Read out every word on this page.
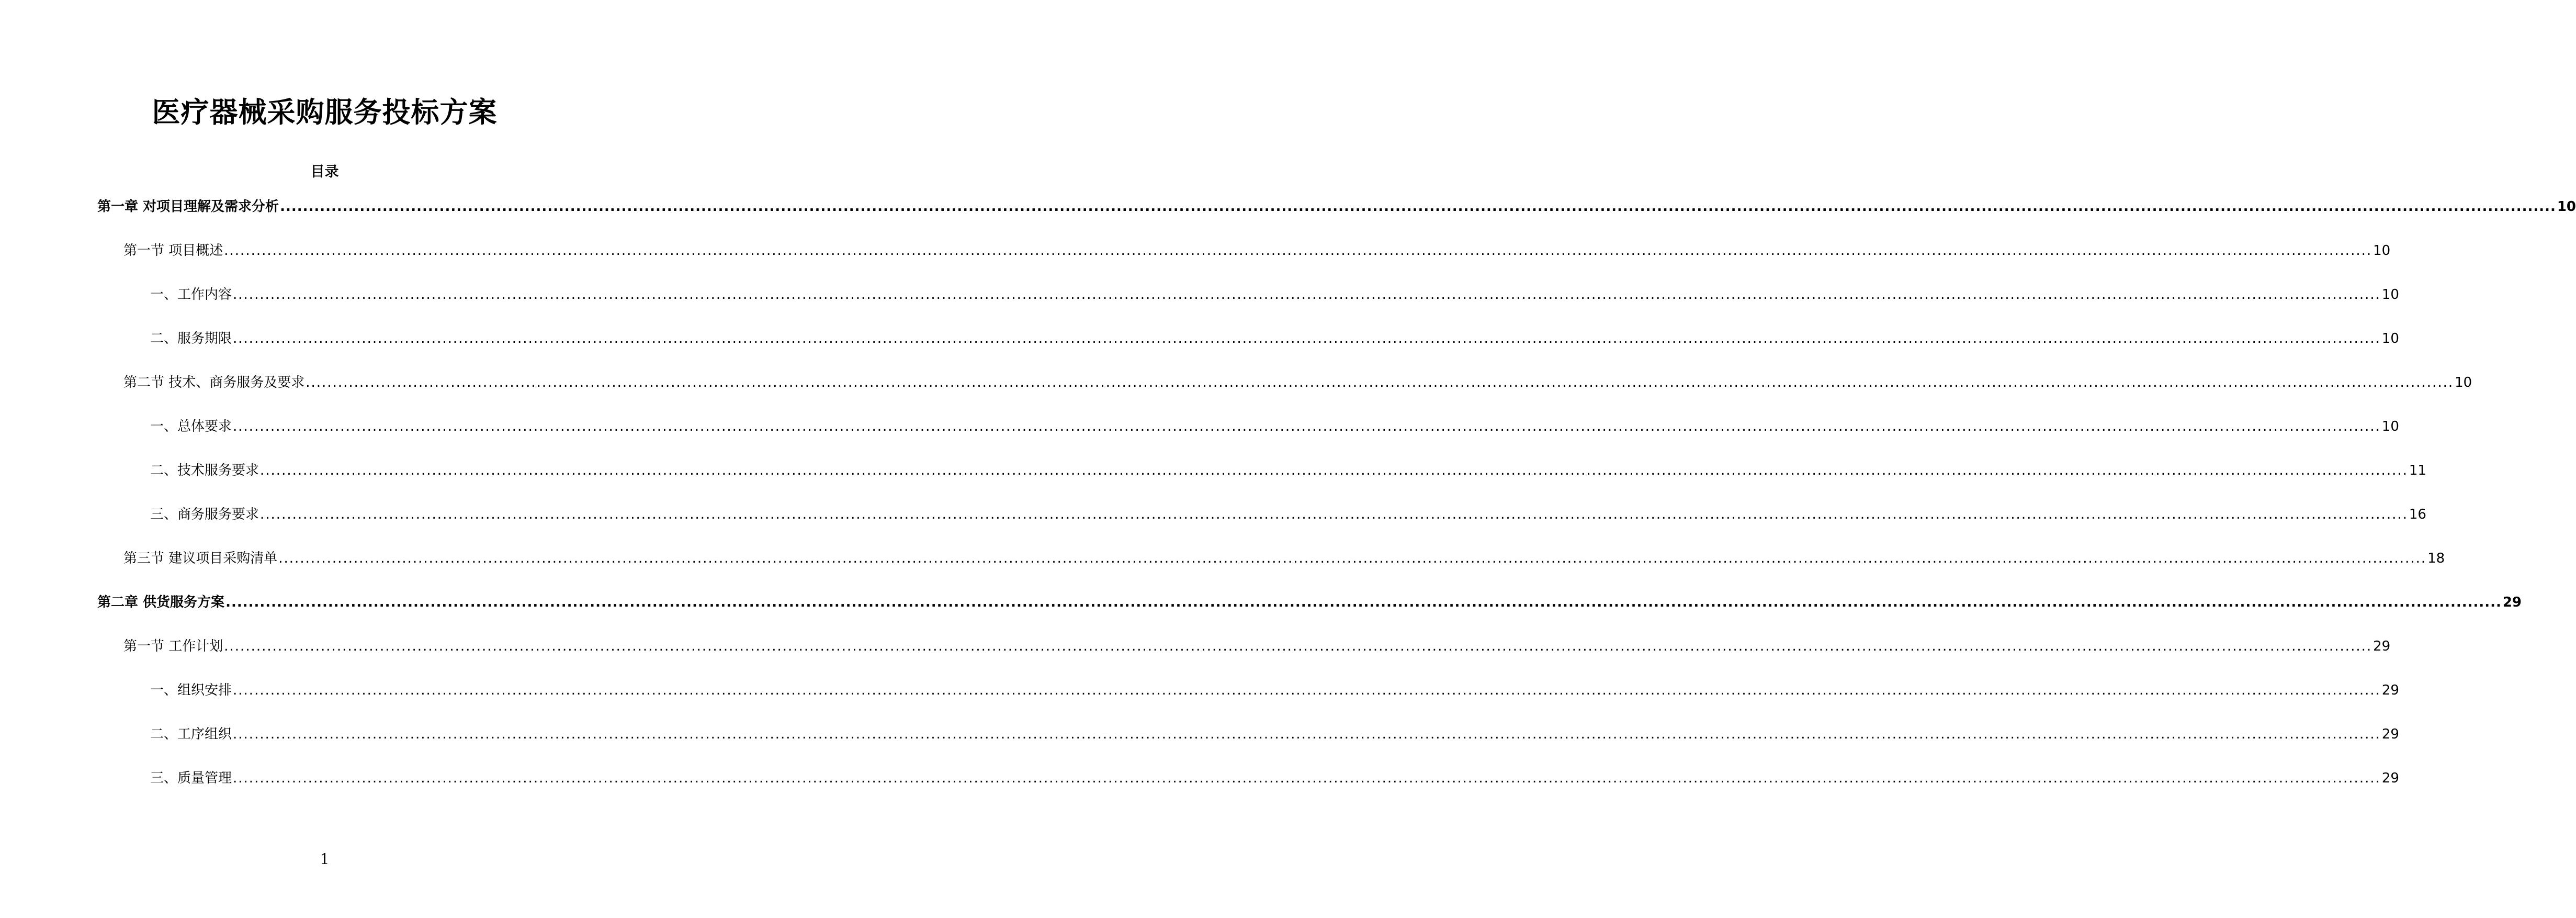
医疗器械采购服务投标方案
目录
第一章 对项目理解及需求分析 ................................................................................................................................................................................................................................................................................................................................................................................................................ 10
第一节 项目概述 ................................................................................................................................................................................................................................................................................................................................................................................................................ 10
一、工作内容 ................................................................................................................................................................................................................................................................................................................................................................................................................ 10
二、服务期限 ................................................................................................................................................................................................................................................................................................................................................................................................................ 10
第二节 技术、商务服务及要求 ................................................................................................................................................................................................................................................................................................................................................................................................................ 10
一、总体要求 ................................................................................................................................................................................................................................................................................................................................................................................................................ 10
二、技术服务要求 ................................................................................................................................................................................................................................................................................................................................................................................................................ 11
三、商务服务要求 ................................................................................................................................................................................................................................................................................................................................................................................................................ 16
第三节 建议项目采购清单 ................................................................................................................................................................................................................................................................................................................................................................................................................ 18
第二章 供货服务方案 ................................................................................................................................................................................................................................................................................................................................................................................................................ 29
第一节 工作计划 ................................................................................................................................................................................................................................................................................................................................................................................................................ 29
一、组织安排 ................................................................................................................................................................................................................................................................................................................................................................................................................ 29
二、工序组织 ................................................................................................................................................................................................................................................................................................................................................................................................................ 29
三、质量管理 ................................................................................................................................................................................................................................................................................................................................................................................................................ 29
1
